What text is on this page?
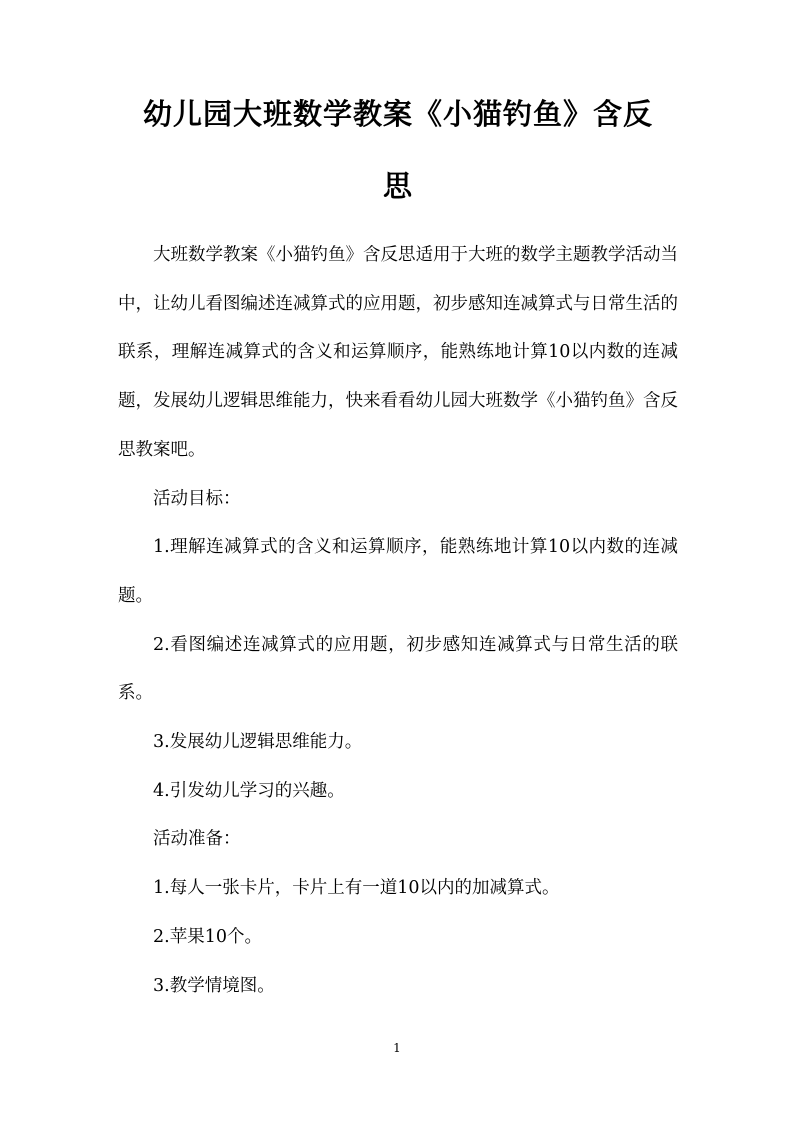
幼儿园大班数学教案《小猫钓鱼》含反
思

大班数学教案《小猫钓鱼》含反思适用于大班的数学主题教学活动当中，让幼儿看图编述连减算式的应用题，初步感知连减算式与日常生活的联系，理解连减算式的含义和运算顺序，能熟练地计算10以内数的连减题，发展幼儿逻辑思维能力，快来看看幼儿园大班数学《小猫钓鱼》含反思教案吧。

活动目标：

1.理解连减算式的含义和运算顺序，能熟练地计算10以内数的连减题。

2.看图编述连减算式的应用题，初步感知连减算式与日常生活的联系。

3.发展幼儿逻辑思维能力。

4.引发幼儿学习的兴趣。

活动准备：

1.每人一张卡片，卡片上有一道10以内的加减算式。

2.苹果10个。

3.教学情境图。

1
